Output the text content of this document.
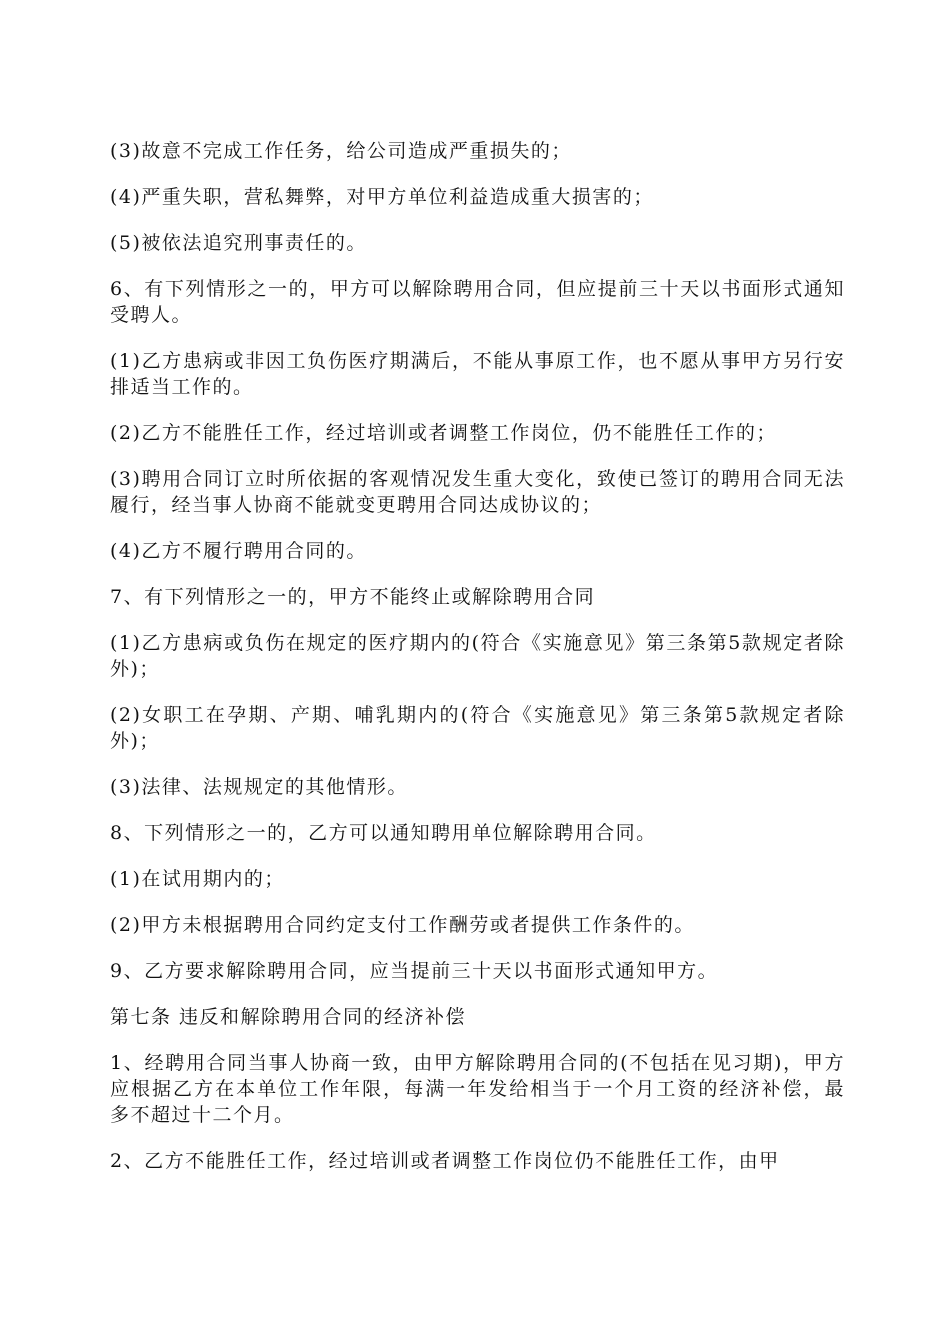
(3)故意不完成工作任务，给公司造成严重损失的；

(4)严重失职，营私舞弊，对甲方单位利益造成重大损害的；

(5)被依法追究刑事责任的。

6、有下列情形之一的，甲方可以解除聘用合同，但应提前三十天以书面形式通知受聘人。

(1)乙方患病或非因工负伤医疗期满后，不能从事原工作，也不愿从事甲方另行安排适当工作的。

(2)乙方不能胜任工作，经过培训或者调整工作岗位，仍不能胜任工作的；

(3)聘用合同订立时所依据的客观情况发生重大变化，致使已签订的聘用合同无法履行，经当事人协商不能就变更聘用合同达成协议的；

(4)乙方不履行聘用合同的。

7、有下列情形之一的，甲方不能终止或解除聘用合同

(1)乙方患病或负伤在规定的医疗期内的(符合《实施意见》第三条第5款规定者除外)；

(2)女职工在孕期、产期、哺乳期内的(符合《实施意见》第三条第5款规定者除外)；

(3)法律、法规规定的其他情形。

8、下列情形之一的，乙方可以通知聘用单位解除聘用合同。

(1)在试用期内的；

(2)甲方未根据聘用合同约定支付工作酬劳或者提供工作条件的。

9、乙方要求解除聘用合同，应当提前三十天以书面形式通知甲方。

第七条 违反和解除聘用合同的经济补偿

1、经聘用合同当事人协商一致，由甲方解除聘用合同的(不包括在见习期)，甲方应根据乙方在本单位工作年限，每满一年发给相当于一个月工资的经济补偿，最多不超过十二个月。

2、乙方不能胜任工作，经过培训或者调整工作岗位仍不能胜任工作，由甲
